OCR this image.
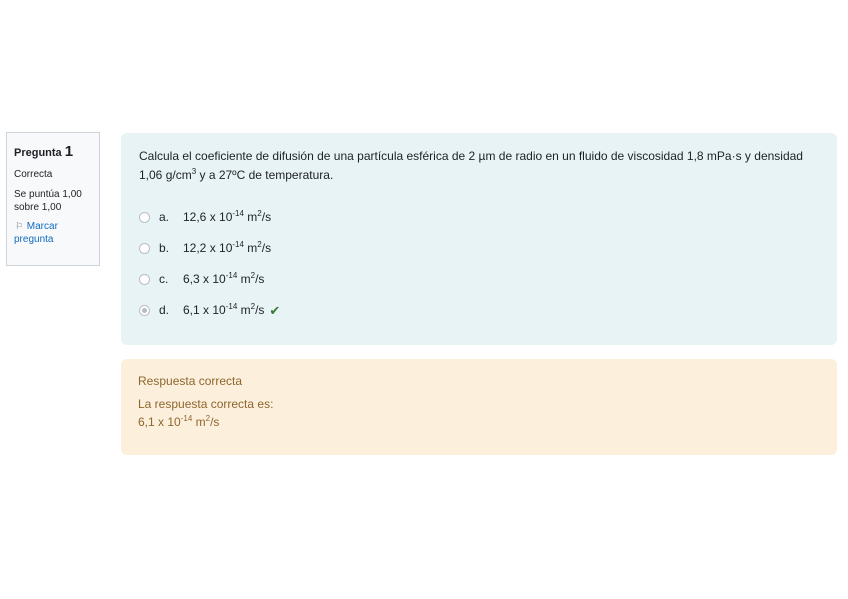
Pregunta 1
Correcta
Se puntúa 1,00
sobre 1,00
⚐ Marcar
pregunta

Calcula el coeficiente de difusión de una partícula esférica de 2 µm de radio en un fluido de viscosidad 1,8 mPa·s y densidad 1,06 $g/cm^3$ y a 27ºC de temperatura.

a.	12,6 x $10^{-14}$ $m^2/s$
b.	12,2 x $10^{-14}$ $m^2/s$
c.	6,3 x $10^{-14}$ $m^2/s$
d.	6,1 x $10^{-14}$ $m^2/s$ ✔
Respuesta correcta
La respuesta correcta es:
6,1 x $10^{-14}$ $m^2/s$
